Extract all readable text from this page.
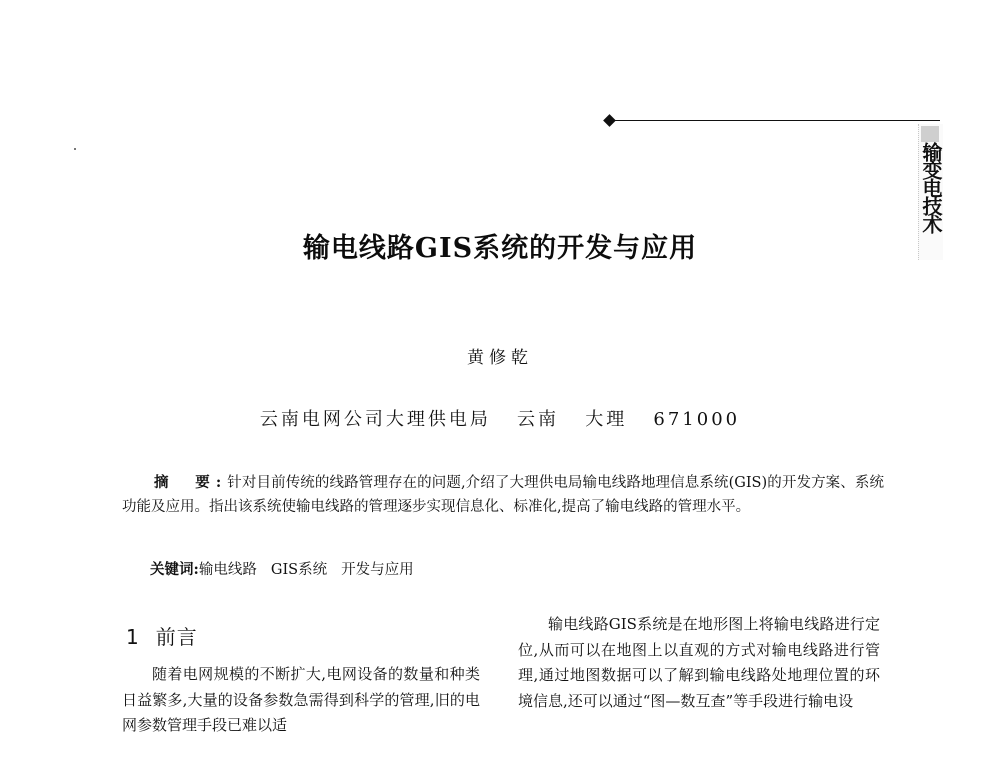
输变电技术
输电线路GIS系统的开发与应用
黄修乾
云南电网公司大理供电局 云南 大理 671000
摘　要:针对目前传统的线路管理存在的问题,介绍了大理供电局输电线路地理信息系统(GIS)的开发方案、系统功能及应用。指出该系统使输电线路的管理逐步实现信息化、标准化,提高了输电线路的管理水平。
关键词:输电线路 GIS系统 开发与应用
1 前言

随着电网规模的不断扩大,电网设备的数量和种类日益繁多,大量的设备参数急需得到科学的管理,旧的电网参数管理手段已难以适

输电线路GIS系统是在地形图上将输电线路进行定位,从而可以在地图上以直观的方式对输电线路进行管理,通过地图数据可以了解到输电线路处地理位置的环境信息,还可以通过“图—数互查”等手段进行输电设
